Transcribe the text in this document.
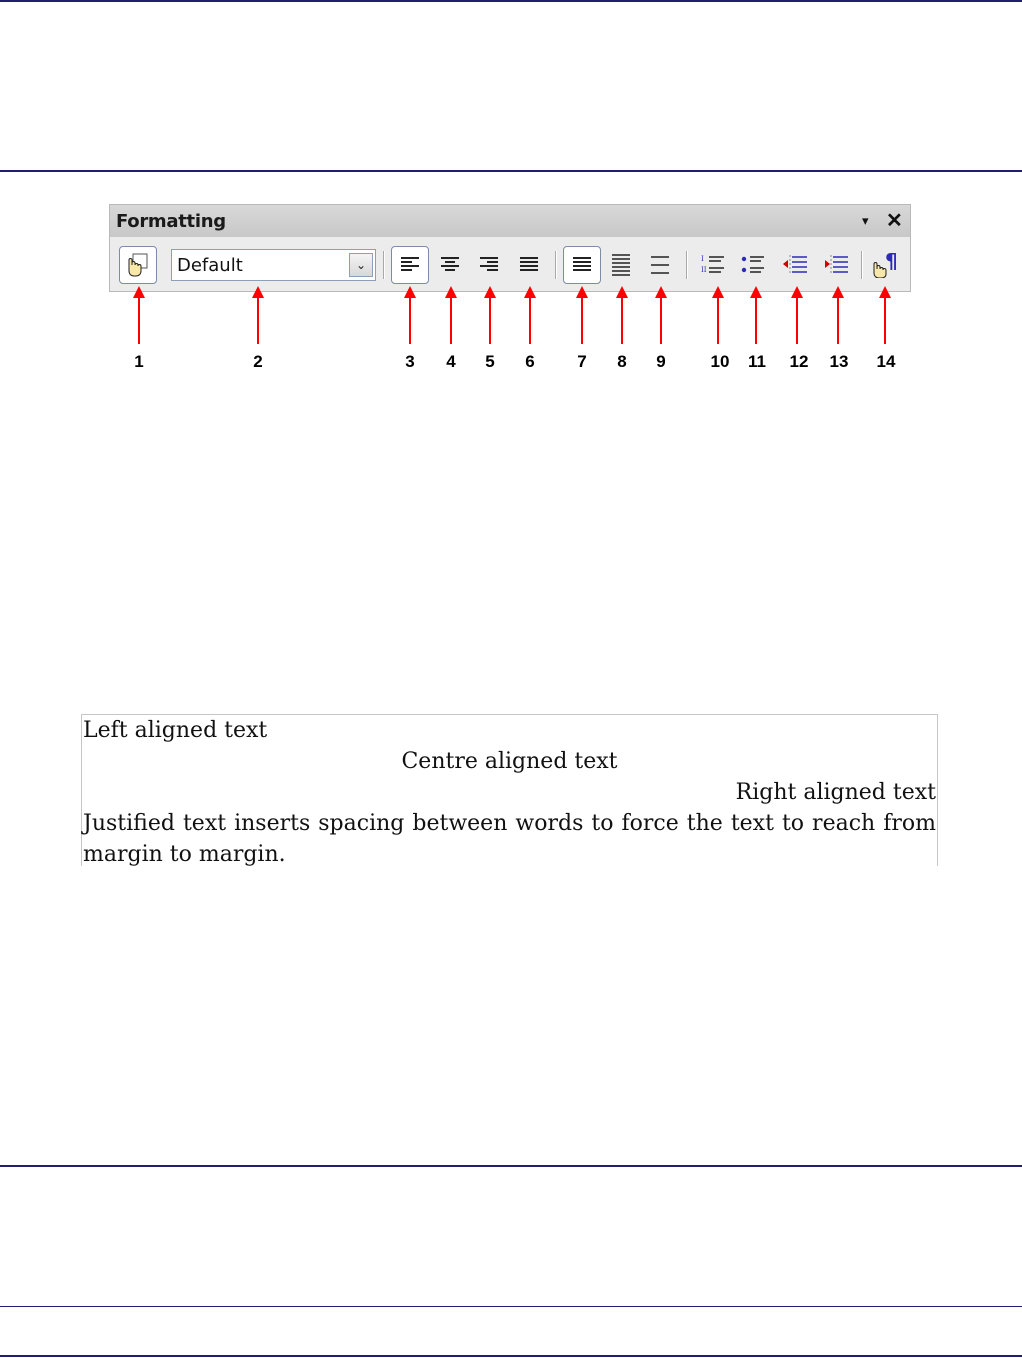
Formatting	▾ ✕
Default	⌄	I
II	¶
1	2	3	4	5	6	7	8	9	10	11	12	13	14
Left aligned text
Centre aligned text
Right aligned text
Justified text inserts spacing between words to force the text to reach from margin to margin.
